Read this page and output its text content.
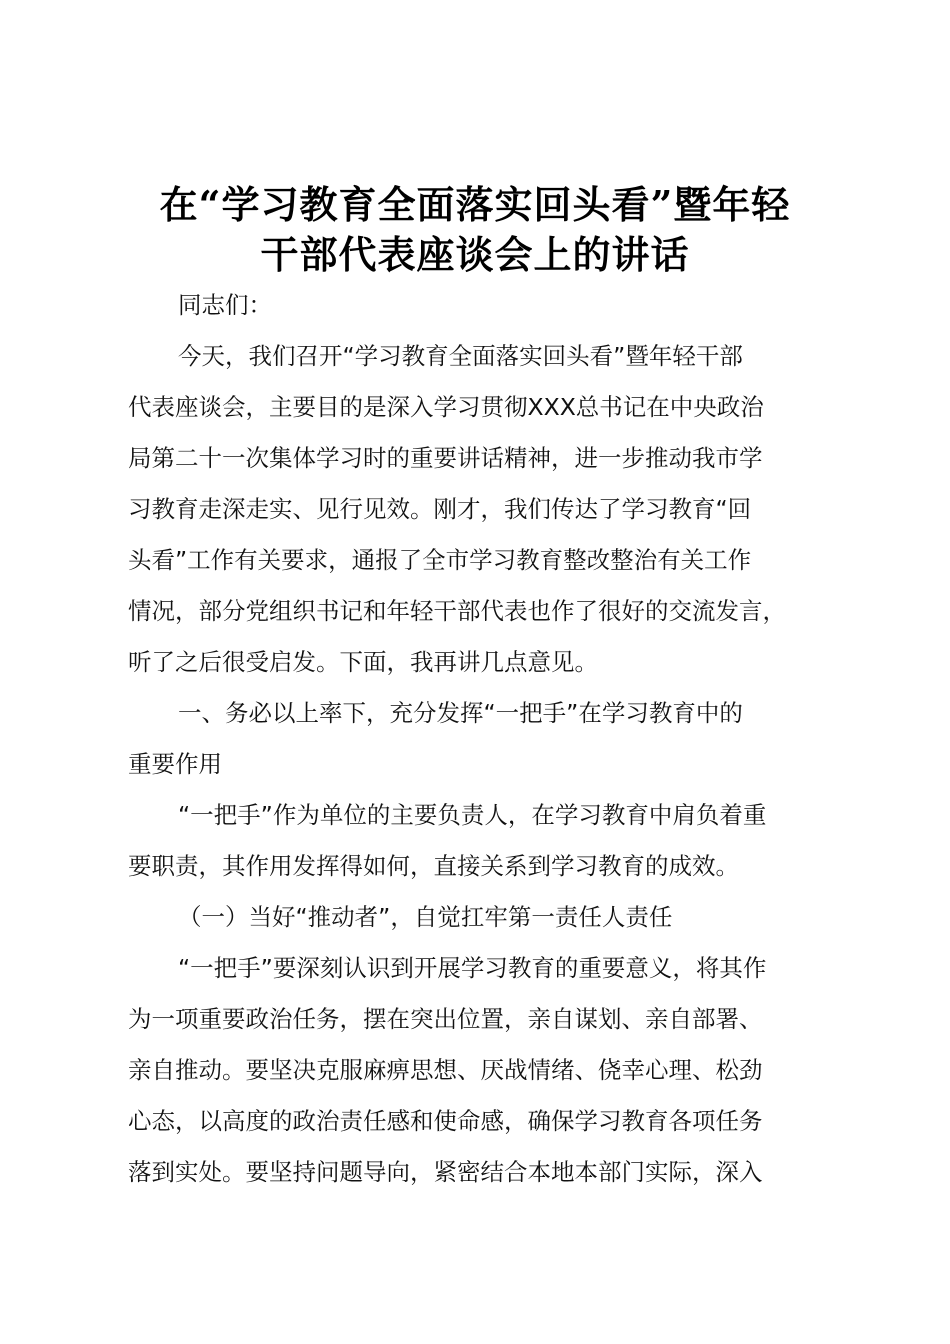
在“学习教育全面落实回头看”暨年轻
干部代表座谈会上的讲话
同志们：
今天，我们召开“学习教育全面落实回头看”暨年轻干部
代表座谈会，主要目的是深入学习贯彻XXX总书记在中央政治
局第二十一次集体学习时的重要讲话精神，进一步推动我市学
习教育走深走实、见行见效。刚才，我们传达了学习教育“回
头看”工作有关要求，通报了全市学习教育整改整治有关工作
情况，部分党组织书记和年轻干部代表也作了很好的交流发言，
听了之后很受启发。下面，我再讲几点意见。
一、务必以上率下，充分发挥“一把手”在学习教育中的
重要作用
“一把手”作为单位的主要负责人，在学习教育中肩负着重
要职责，其作用发挥得如何，直接关系到学习教育的成效。
（一）当好“推动者”，自觉扛牢第一责任人责任
“一把手”要深刻认识到开展学习教育的重要意义，将其作
为一项重要政治任务，摆在突出位置，亲自谋划、亲自部署、
亲自推动。要坚决克服麻痹思想、厌战情绪、侥幸心理、松劲
心态，以高度的政治责任感和使命感，确保学习教育各项任务
落到实处。要坚持问题导向，紧密结合本地本部门实际，深入
